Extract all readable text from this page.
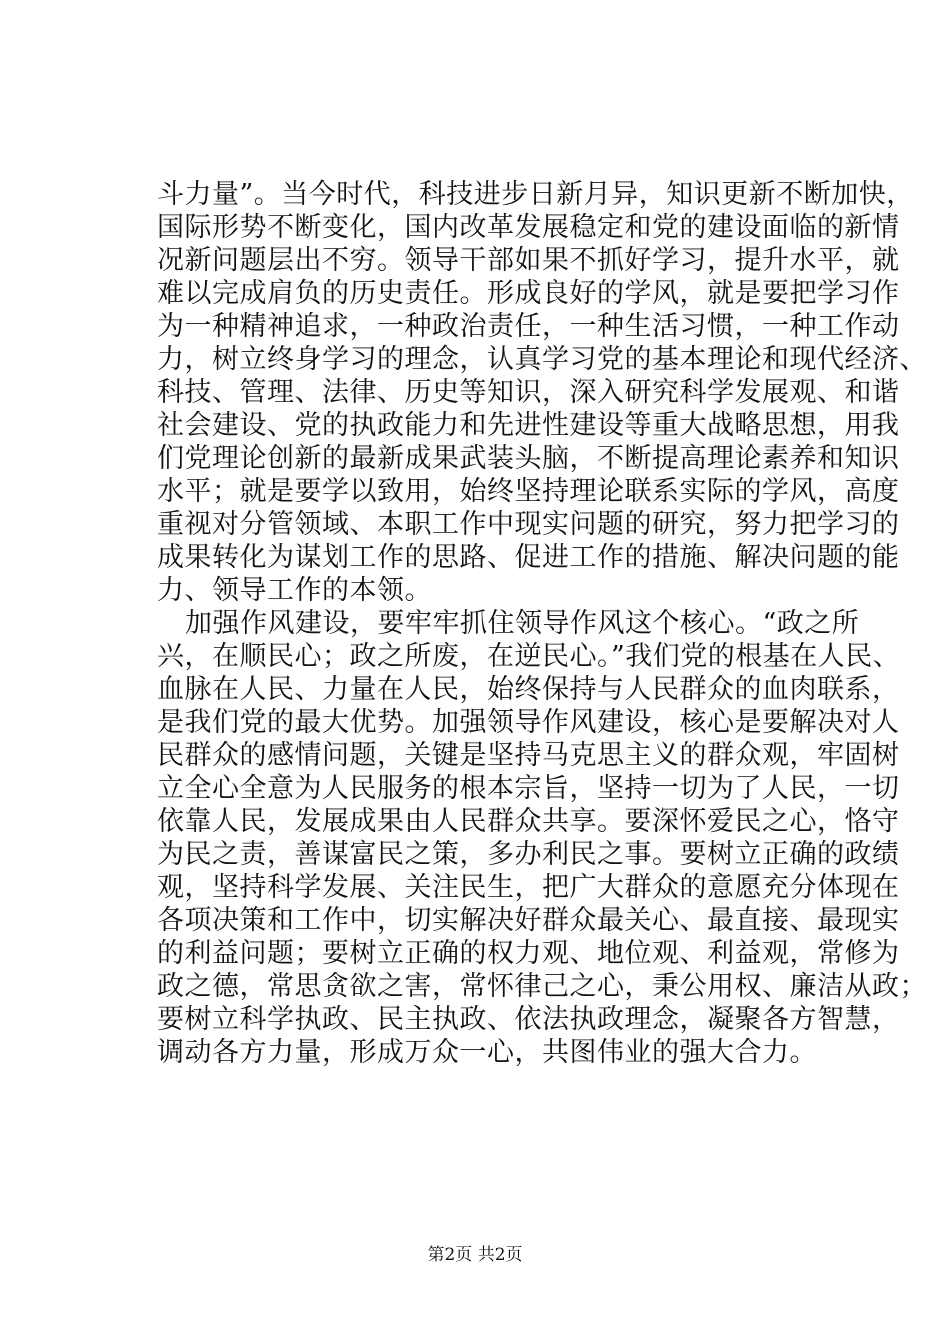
斗力量”。当今时代，科技进步日新月异，知识更新不断加快，
国际形势不断变化，国内改革发展稳定和党的建设面临的新情
况新问题层出不穷。领导干部如果不抓好学习，提升水平，就
难以完成肩负的历史责任。形成良好的学风，就是要把学习作
为一种精神追求，一种政治责任，一种生活习惯，一种工作动
力，树立终身学习的理念，认真学习党的基本理论和现代经济、
科技、管理、法律、历史等知识，深入研究科学发展观、和谐
社会建设、党的执政能力和先进性建设等重大战略思想，用我
们党理论创新的最新成果武装头脑，不断提高理论素养和知识
水平；就是要学以致用，始终坚持理论联系实际的学风，高度
重视对分管领域、本职工作中现实问题的研究，努力把学习的
成果转化为谋划工作的思路、促进工作的措施、解决问题的能
力、领导工作的本领。
加强作风建设，要牢牢抓住领导作风这个核心。“政之所
兴，在顺民心；政之所废，在逆民心。”我们党的根基在人民、
血脉在人民、力量在人民，始终保持与人民群众的血肉联系，
是我们党的最大优势。加强领导作风建设，核心是要解决对人
民群众的感情问题，关键是坚持马克思主义的群众观，牢固树
立全心全意为人民服务的根本宗旨，坚持一切为了人民，一切
依靠人民，发展成果由人民群众共享。要深怀爱民之心，恪守
为民之责，善谋富民之策，多办利民之事。要树立正确的政绩
观，坚持科学发展、关注民生，把广大群众的意愿充分体现在
各项决策和工作中，切实解决好群众最关心、最直接、最现实
的利益问题；要树立正确的权力观、地位观、利益观，常修为
政之德，常思贪欲之害，常怀律己之心，秉公用权、廉洁从政；
要树立科学执政、民主执政、依法执政理念，凝聚各方智慧，
调动各方力量，形成万众一心，共图伟业的强大合力。
第2页 共2页
